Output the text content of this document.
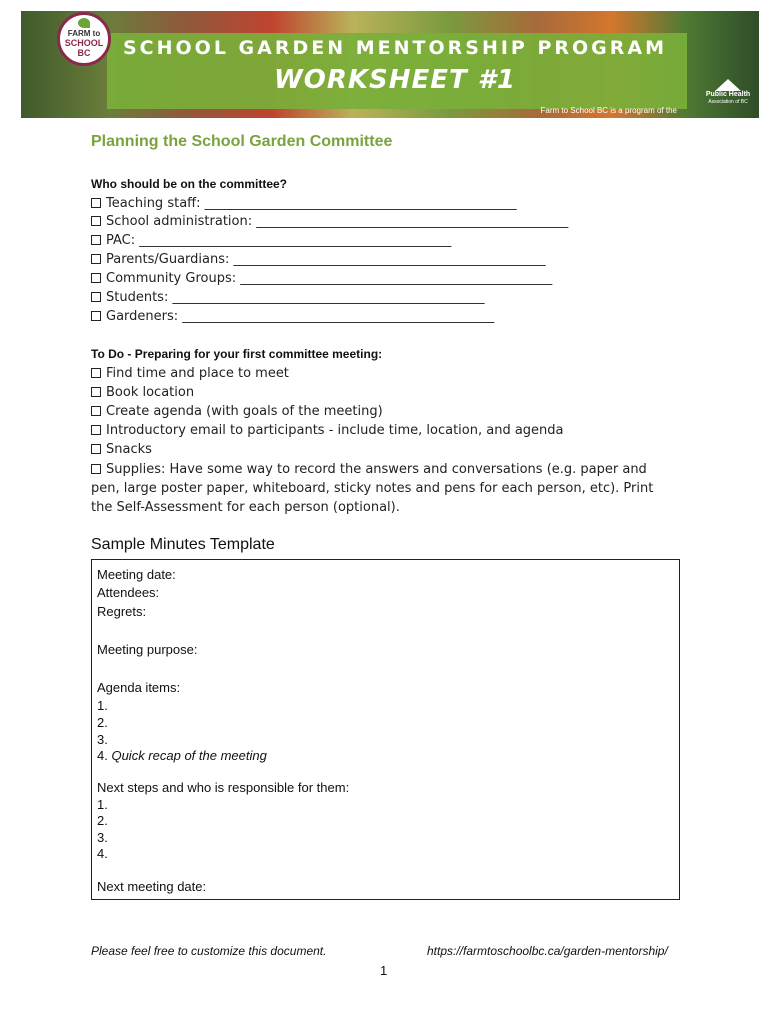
SCHOOL GARDEN MENTORSHIP PROGRAM
WORKSHEET #1
Farm to School BC is a program of the
FARM to
SCHOOL BC
Public Health
Association of BC
Planning the School Garden Committee
Who should be on the committee?
Teaching staff: ________________________________________________
School administration: ________________________________________________
PAC: ________________________________________________
Parents/Guardians: ________________________________________________
Community Groups: ________________________________________________
Students: ________________________________________________
Gardeners: ________________________________________________
To Do - Preparing for your first committee meeting:
Find time and place to meet
Book location
Create agenda (with goals of the meeting)
Introductory email to participants - include time, location, and agenda
Snacks
Supplies: Have some way to record the answers and conversations (e.g. paper and pen, large poster paper, whiteboard, sticky notes and pens for each person, etc). Print the Self-Assessment for each person (optional).
Sample Minutes Template
Meeting date:
Attendees:
Regrets:
Meeting purpose:
Agenda items:
1.
2.
3.
4. Quick recap of the meeting
Next steps and who is responsible for them:
1.
2.
3.
4.
Next meeting date:
Please feel free to customize this document.	https://farmtoschoolbc.ca/garden-mentorship/
1
